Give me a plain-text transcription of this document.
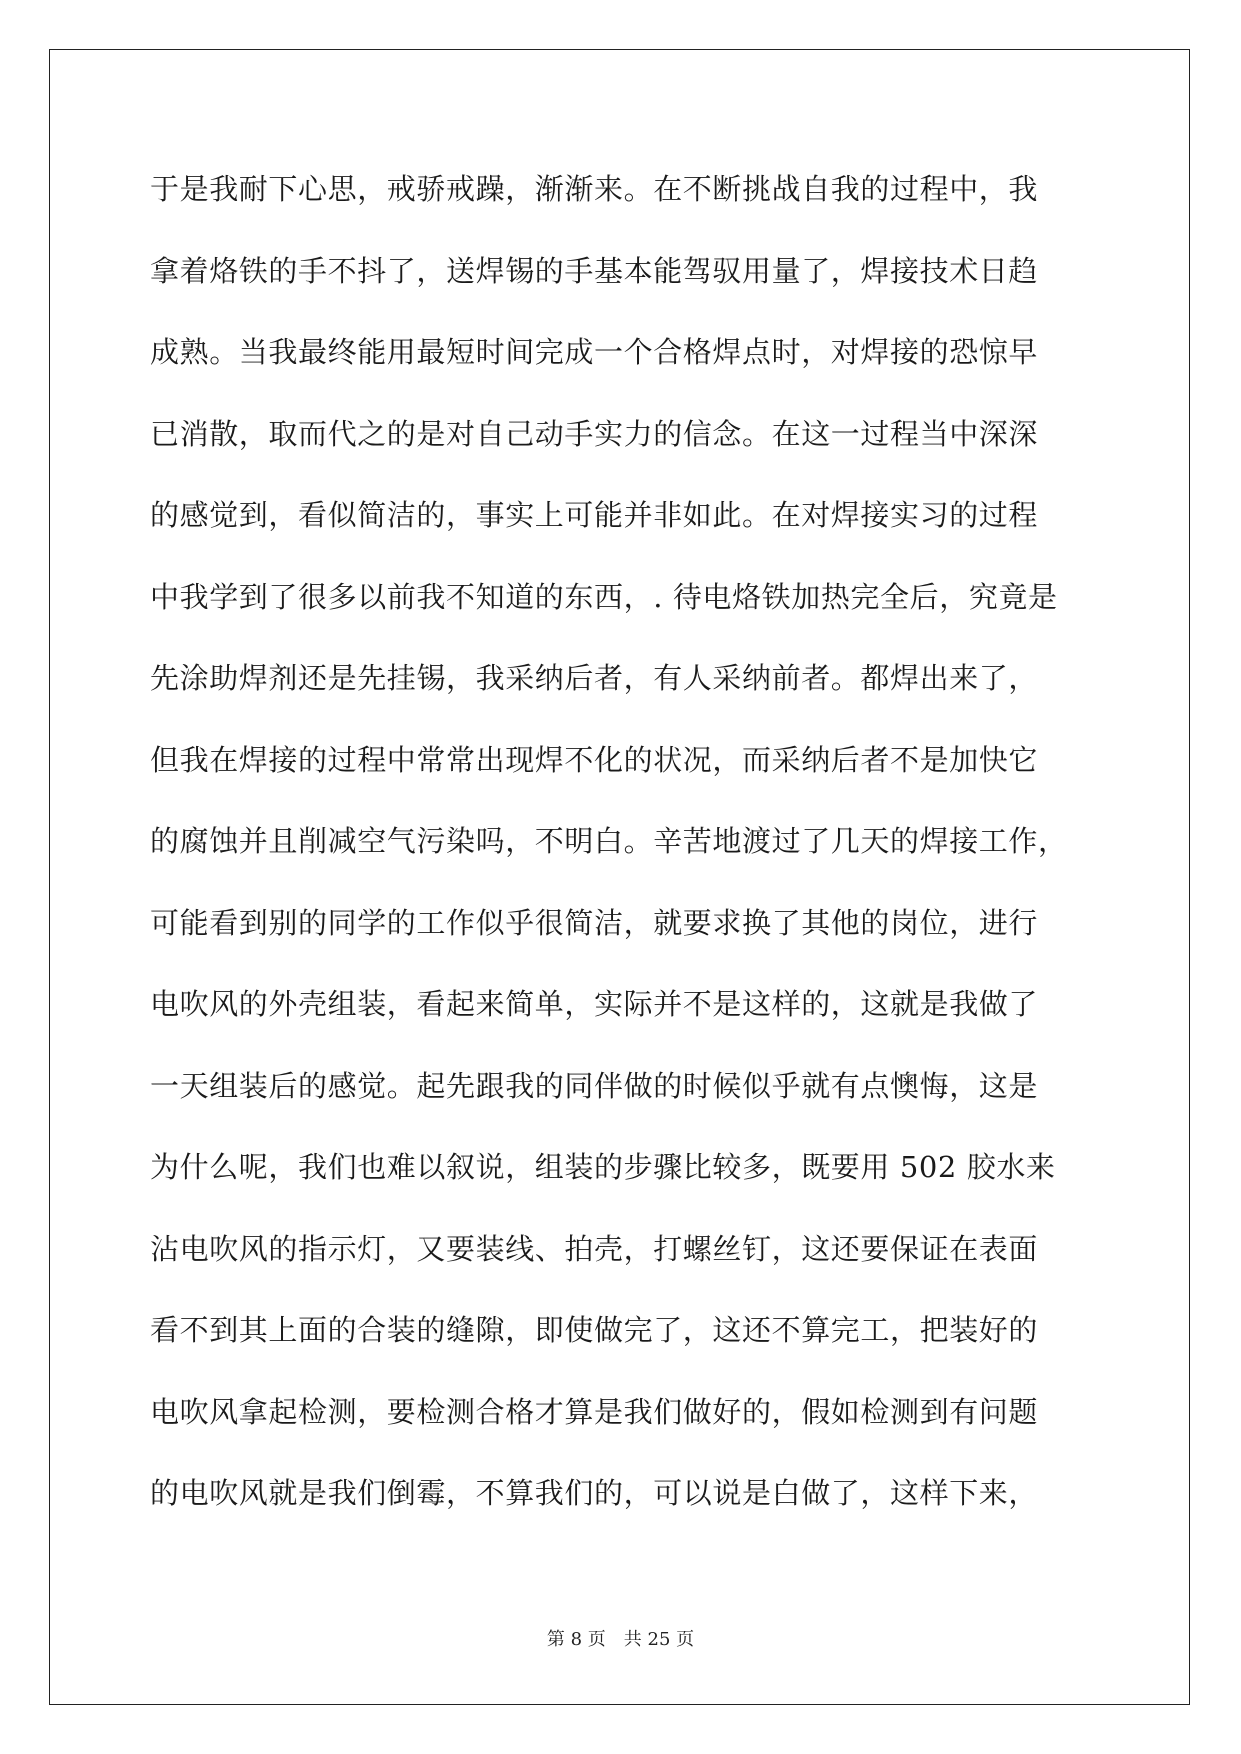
于是我耐下心思，戒骄戒躁，渐渐来。在不断挑战自我的过程中，我
拿着烙铁的手不抖了，送焊锡的手基本能驾驭用量了，焊接技术日趋
成熟。当我最终能用最短时间完成一个合格焊点时，对焊接的恐惊早
已消散，取而代之的是对自己动手实力的信念。在这一过程当中深深
的感觉到，看似简洁的，事实上可能并非如此。在对焊接实习的过程
中我学到了很多以前我不知道的东西，. 待电烙铁加热完全后，究竟是
先涂助焊剂还是先挂锡，我采纳后者，有人采纳前者。都焊出来了，
但我在焊接的过程中常常出现焊不化的状况，而采纳后者不是加快它
的腐蚀并且削减空气污染吗，不明白。辛苦地渡过了几天的焊接工作，
可能看到别的同学的工作似乎很简洁，就要求换了其他的岗位，进行
电吹风的外壳组装，看起来简单，实际并不是这样的，这就是我做了
一天组装后的感觉。起先跟我的同伴做的时候似乎就有点懊悔，这是
为什么呢，我们也难以叙说，组装的步骤比较多，既要用 502 胶水来
沾电吹风的指示灯，又要装线、拍壳，打螺丝钉，这还要保证在表面
看不到其上面的合装的缝隙，即使做完了，这还不算完工，把装好的
电吹风拿起检测，要检测合格才算是我们做好的，假如检测到有问题
的电吹风就是我们倒霉，不算我们的，可以说是白做了，这样下来，
第 8 页 共 25 页
